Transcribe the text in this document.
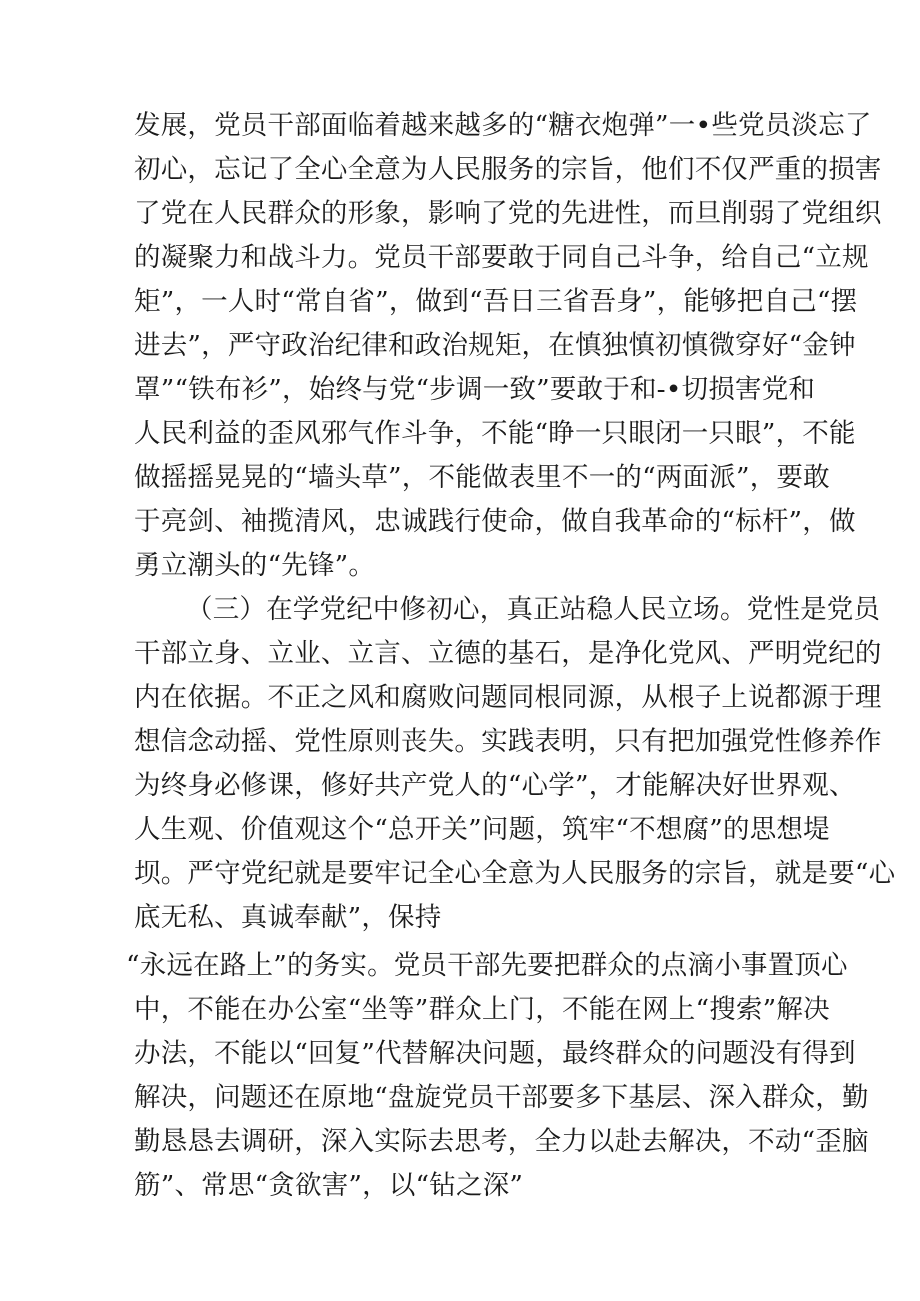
发展，党员干部面临着越来越多的“糖衣炮弹”一•些党员淡忘了
初心，忘记了全心全意为人民服务的宗旨，他们不仅严重的损害
了党在人民群众的形象，影响了党的先进性，而旦削弱了党组织
的凝聚力和战斗力。党员干部要敢于同自己斗争，给自己“立规
矩”，一人时“常自省”，做到“吾日三省吾身”，能够把自己“摆
进去”，严守政治纪律和政治规矩，在慎独慎初慎微穿好“金钟
罩”“铁布衫”，始终与党“步调一致”要敢于和-•切损害党和
人民利益的歪风邪气作斗争，不能“睁一只眼闭一只眼”，不能
做摇摇晃晃的“墙头草”，不能做表里不一的“两面派”，要敢
于亮剑、袖揽清风，忠诚践行使命，做自我革命的“标杆”，做
勇立潮头的“先锋”。
（三）在学党纪中修初心，真正站稳人民立场。党性是党员
干部立身、立业、立言、立德的基石，是净化党风、严明党纪的
内在依据。不正之风和腐败问题同根同源，从根子上说都源于理
想信念动摇、党性原则丧失。实践表明，只有把加强党性修养作
为终身必修课，修好共产党人的“心学”，才能解决好世界观、
人生观、价值观这个“总开关”问题，筑牢“不想腐”的思想堤
坝。严守党纪就是要牢记全心全意为人民服务的宗旨，就是要“心
底无私、真诚奉献”，保持
“永远在路上”的务实。党员干部先要把群众的点滴小事置顶心
中，不能在办公室“坐等”群众上门，不能在网上“搜索”解决
办法，不能以“回复”代替解决问题，最终群众的问题没有得到
解决，问题还在原地“盘旋党员干部要多下基层、深入群众，勤
勤恳恳去调研，深入实际去思考，全力以赴去解决，不动“歪脑
筋”、常思“贪欲害”，以“钻之深”
